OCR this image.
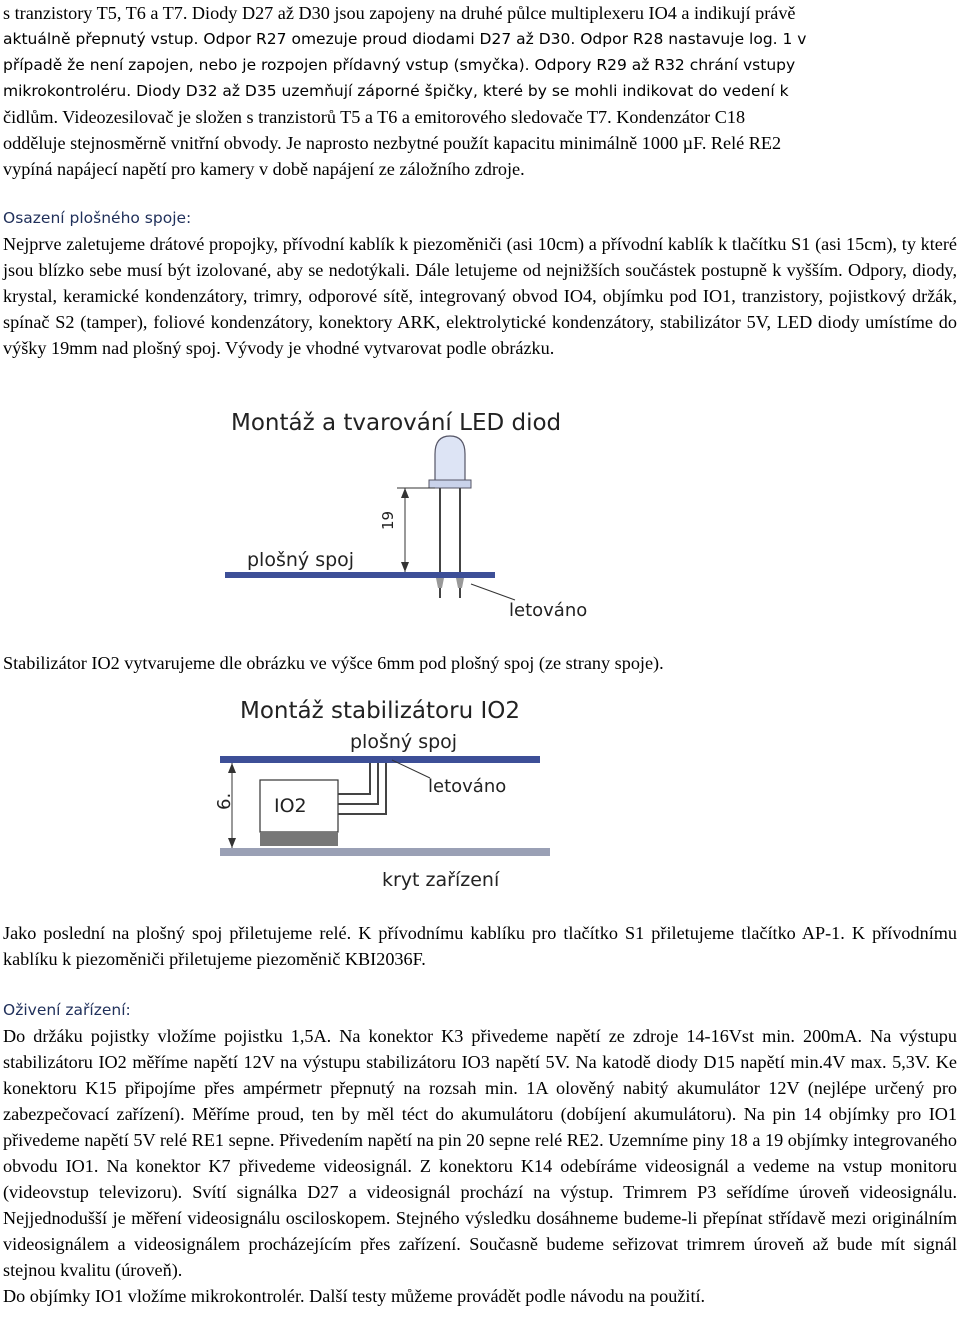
s tranzistory T5, T6 a T7. Diody D27 až D30 jsou zapojeny na druhé půlce multiplexeru IO4 a indikují právě

aktuálně přepnutý vstup. Odpor R27 omezuje proud diodami D27 až D30. Odpor R28 nastavuje log. 1 v

případě že není zapojen, nebo je rozpojen přídavný vstup (smyčka). Odpory R29 až R32 chrání vstupy

mikrokontroléru. Diody D32 až D35 uzemňují záporné špičky, které by se mohli indikovat do vedení k

čidlům. Videozesilovač je složen s tranzistorů T5 a T6 a emitorového sledovače T7. Kondenzátor C18

odděluje stejnosměrně vnitřní obvody. Je naprosto nezbytné použít kapacitu minimálně 1000 µF. Relé RE2

vypíná napájecí napětí pro kamery v době napájení ze záložního zdroje.

Osazení plošného spoje:

Nejprve zaletujeme drátové propojky, přívodní kablík k piezoměniči (asi 10cm) a přívodní kablík k tlačítku S1 (asi 15cm), ty které jsou blízko sebe musí být izolované, aby se nedotýkali. Dále letujeme od nejnižších součástek postupně k vyšším. Odpory, diody, krystal, keramické kondenzátory, trimry, odporové sítě, integrovaný obvod IO4, objímku pod IO1, tranzistory, pojistkový držák, spínač S2 (tamper), foliové kondenzátory, konektory ARK, elektrolytické kondenzátory, stabilizátor 5V, LED diody umístíme do výšky 19mm nad plošný spoj. Vývody je vhodné vytvarovat podle obrázku.

Montáž a tvarování LED diod
19
plošný spoj
letováno

Stabilizátor IO2 vytvarujeme dle obrázku ve výšce 6mm pod plošný spoj (ze strany spoje).

Montáž stabilizátoru IO2
plošný spoj
6. IO2
letováno
kryt zařízení

Jako poslední na plošný spoj přiletujeme relé. K přívodnímu kablíku pro tlačítko S1 přiletujeme tlačítko AP-1. K přívodnímu kablíku k piezoměniči přiletujeme piezoměnič KBI2036F.

Oživení zařízení:

Do držáku pojistky vložíme pojistku 1,5A. Na konektor K3 přivedeme napětí ze zdroje 14-16Vst min. 200mA. Na výstupu stabilizátoru IO2 měříme napětí 12V na výstupu stabilizátoru IO3 napětí 5V. Na katodě diody D15 napětí min.4V max. 5,3V. Ke konektoru K15 připojíme přes ampérmetr přepnutý na rozsah min. 1A olověný nabitý akumulátor 12V (nejlépe určený pro zabezpečovací zařízení). Měříme proud, ten by měl téct do akumulátoru (dobíjení akumulátoru). Na pin 14 objímky pro IO1 přivedeme napětí 5V relé RE1 sepne. Přivedením napětí na pin 20 sepne relé RE2. Uzemníme piny 18 a 19 objímky integrovaného obvodu IO1. Na konektor K7 přivedeme videosignál. Z konektoru K14 odebíráme videosignál a vedeme na vstup monitoru (videovstup televizoru). Svítí signálka D27 a videosignál prochází na výstup. Trimrem P3 seřídíme úroveň videosignálu. Nejjednodušší je měření videosignálu osciloskopem. Stejného výsledku dosáhneme budeme-li přepínat střídavě mezi originálním videosignálem a videosignálem procházejícím přes zařízení. Současně budeme seřizovat trimrem úroveň až bude mít signál stejnou kvalitu (úroveň).

Do objímky IO1 vložíme mikrokontrolér. Další testy můžeme provádět podle návodu na použití.
